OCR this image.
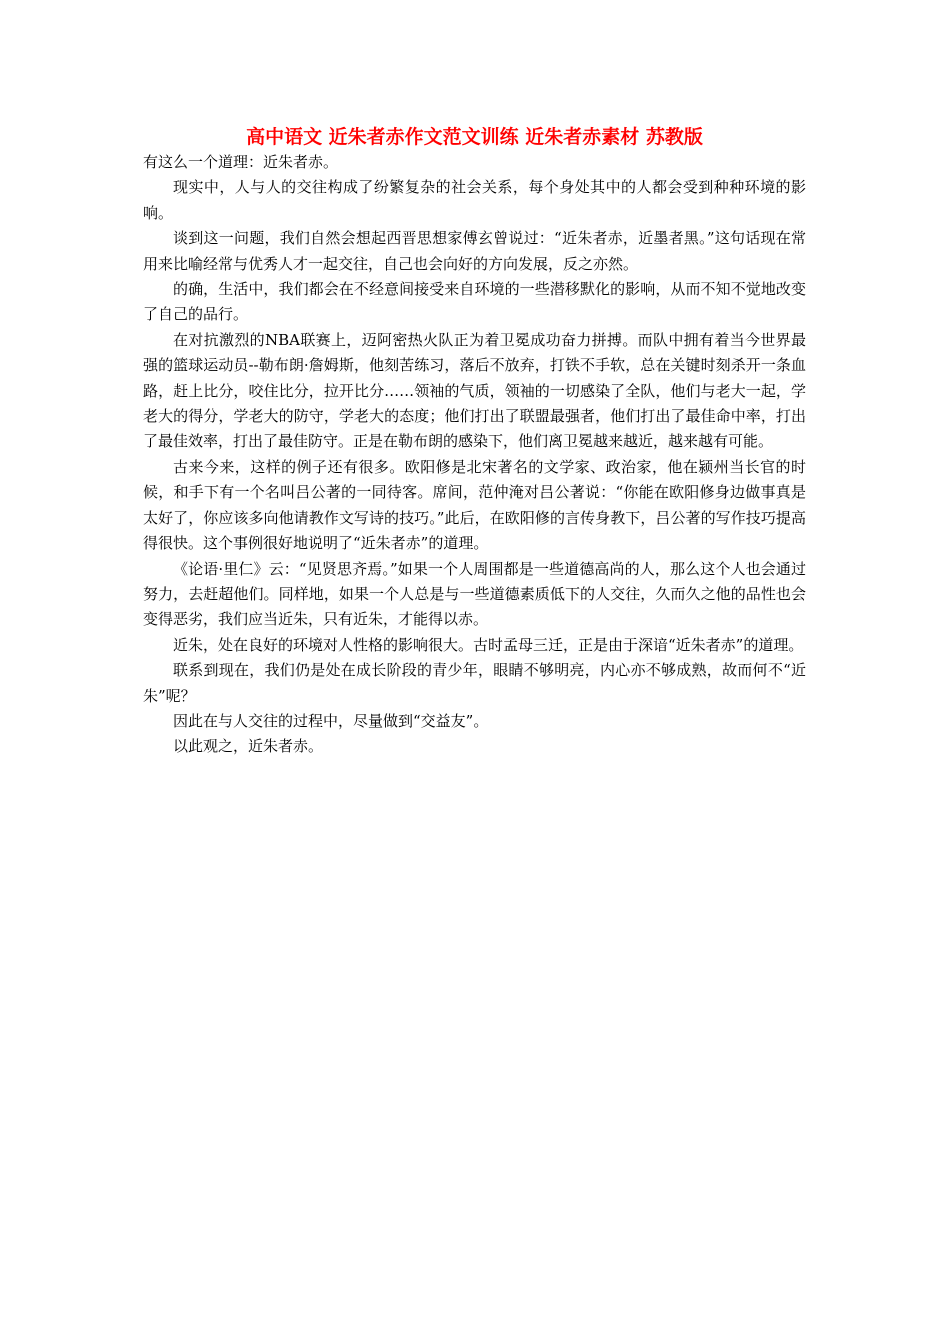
高中语文 近朱者赤作文范文训练 近朱者赤素材 苏教版

有这么一个道理：近朱者赤。

现实中，人与人的交往构成了纷繁复杂的社会关系，每个身处其中的人都会受到种种环境的影响。

谈到这一问题，我们自然会想起西晋思想家傅玄曾说过：“近朱者赤，近墨者黑。”这句话现在常用来比喻经常与优秀人才一起交往，自己也会向好的方向发展，反之亦然。

的确，生活中，我们都会在不经意间接受来自环境的一些潜移默化的影响，从而不知不觉地改变了自己的品行。

在对抗激烈的NBA联赛上，迈阿密热火队正为着卫冕成功奋力拼搏。而队中拥有着当今世界最强的篮球运动员--勒布朗·詹姆斯，他刻苦练习，落后不放弃，打铁不手软，总在关键时刻杀开一条血路，赶上比分，咬住比分，拉开比分……领袖的气质，领袖的一切感染了全队，他们与老大一起，学老大的得分，学老大的防守，学老大的态度；他们打出了联盟最强者，他们打出了最佳命中率，打出了最佳效率，打出了最佳防守。正是在勒布朗的感染下，他们离卫冕越来越近，越来越有可能。

古来今来，这样的例子还有很多。欧阳修是北宋著名的文学家、政治家，他在颍州当长官的时候，和手下有一个名叫吕公著的一同待客。席间，范仲淹对吕公著说：“你能在欧阳修身边做事真是太好了，你应该多向他请教作文写诗的技巧。”此后，在欧阳修的言传身教下，吕公著的写作技巧提高得很快。这个事例很好地说明了“近朱者赤”的道理。

《论语·里仁》云：“见贤思齐焉。”如果一个人周围都是一些道德高尚的人，那么这个人也会通过努力，去赶超他们。同样地，如果一个人总是与一些道德素质低下的人交往，久而久之他的品性也会变得恶劣，我们应当近朱，只有近朱，才能得以赤。

近朱，处在良好的环境对人性格的影响很大。古时孟母三迁，正是由于深谙“近朱者赤”的道理。

联系到现在，我们仍是处在成长阶段的青少年，眼睛不够明亮，内心亦不够成熟，故而何不“近朱”呢？

因此在与人交往的过程中，尽量做到“交益友”。

以此观之，近朱者赤。
